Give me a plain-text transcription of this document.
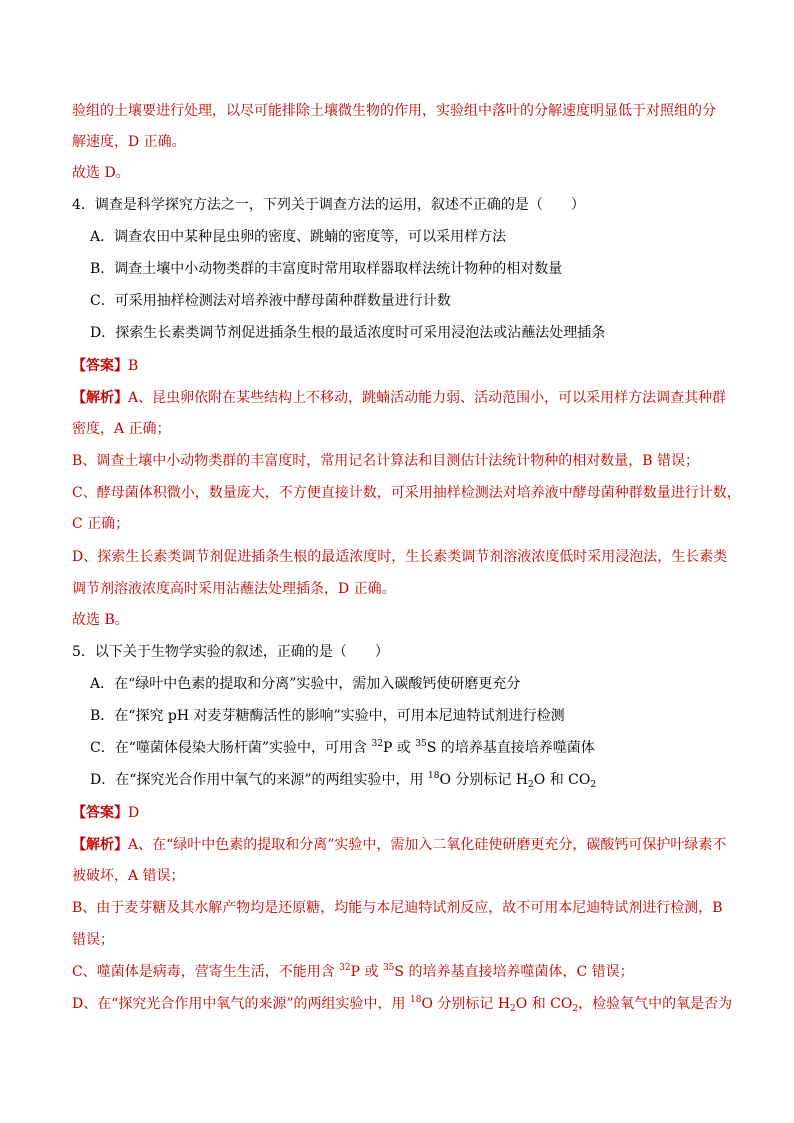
验组的土壤要进行处理，以尽可能排除土壤微生物的作用，实验组中落叶的分解速度明显低于对照组的分
解速度，D 正确。
故选 D。
4．调查是科学探究方法之一，下列关于调查方法的运用，叙述不正确的是（　　）
A．调查农田中某种昆虫卵的密度、跳蝻的密度等，可以采用样方法
B．调查土壤中小动物类群的丰富度时常用取样器取样法统计物种的相对数量
C．可采用抽样检测法对培养液中酵母菌种群数量进行计数
D．探索生长素类调节剂促进插条生根的最适浓度时可采用浸泡法或沾蘸法处理插条
【答案】B
【解析】A、昆虫卵依附在某些结构上不移动，跳蝻活动能力弱、活动范围小，可以采用样方法调查其种群
密度，A 正确；
B、调查土壤中小动物类群的丰富度时，常用记名计算法和目测估计法统计物种的相对数量，B 错误；
C、酵母菌体积微小，数量庞大，不方便直接计数，可采用抽样检测法对培养液中酵母菌种群数量进行计数，
C 正确；
D、探索生长素类调节剂促进插条生根的最适浓度时，生长素类调节剂溶液浓度低时采用浸泡法，生长素类
调节剂溶液浓度高时采用沾蘸法处理插条，D 正确。
故选 B。
5．以下关于生物学实验的叙述，正确的是（　　）
A．在“绿叶中色素的提取和分离”实验中，需加入碳酸钙使研磨更充分
B．在“探究 pH 对麦芽糖酶活性的影响”实验中，可用本尼迪特试剂进行检测
C．在“噬菌体侵染大肠杆菌”实验中，可用含 $^{32}$P 或 $^{35}$S 的培养基直接培养噬菌体
D．在“探究光合作用中氧气的来源”的两组实验中，用 $^{18}$O 分别标记 $H_2O$ 和 $CO_2$
【答案】D
【解析】A、在“绿叶中色素的提取和分离”实验中，需加入二氧化硅使研磨更充分，碳酸钙可保护叶绿素不
被破坏，A 错误；
B、由于麦芽糖及其水解产物均是还原糖，均能与本尼迪特试剂反应，故不可用本尼迪特试剂进行检测，B
错误；
C、噬菌体是病毒，营寄生生活，不能用含 $^{32}$P 或 $^{35}$S 的培养基直接培养噬菌体，C 错误；
D、在“探究光合作用中氧气的来源”的两组实验中，用 $^{18}$O 分别标记 $H_2O$ 和 $CO_2$，检验氧气中的氧是否为
